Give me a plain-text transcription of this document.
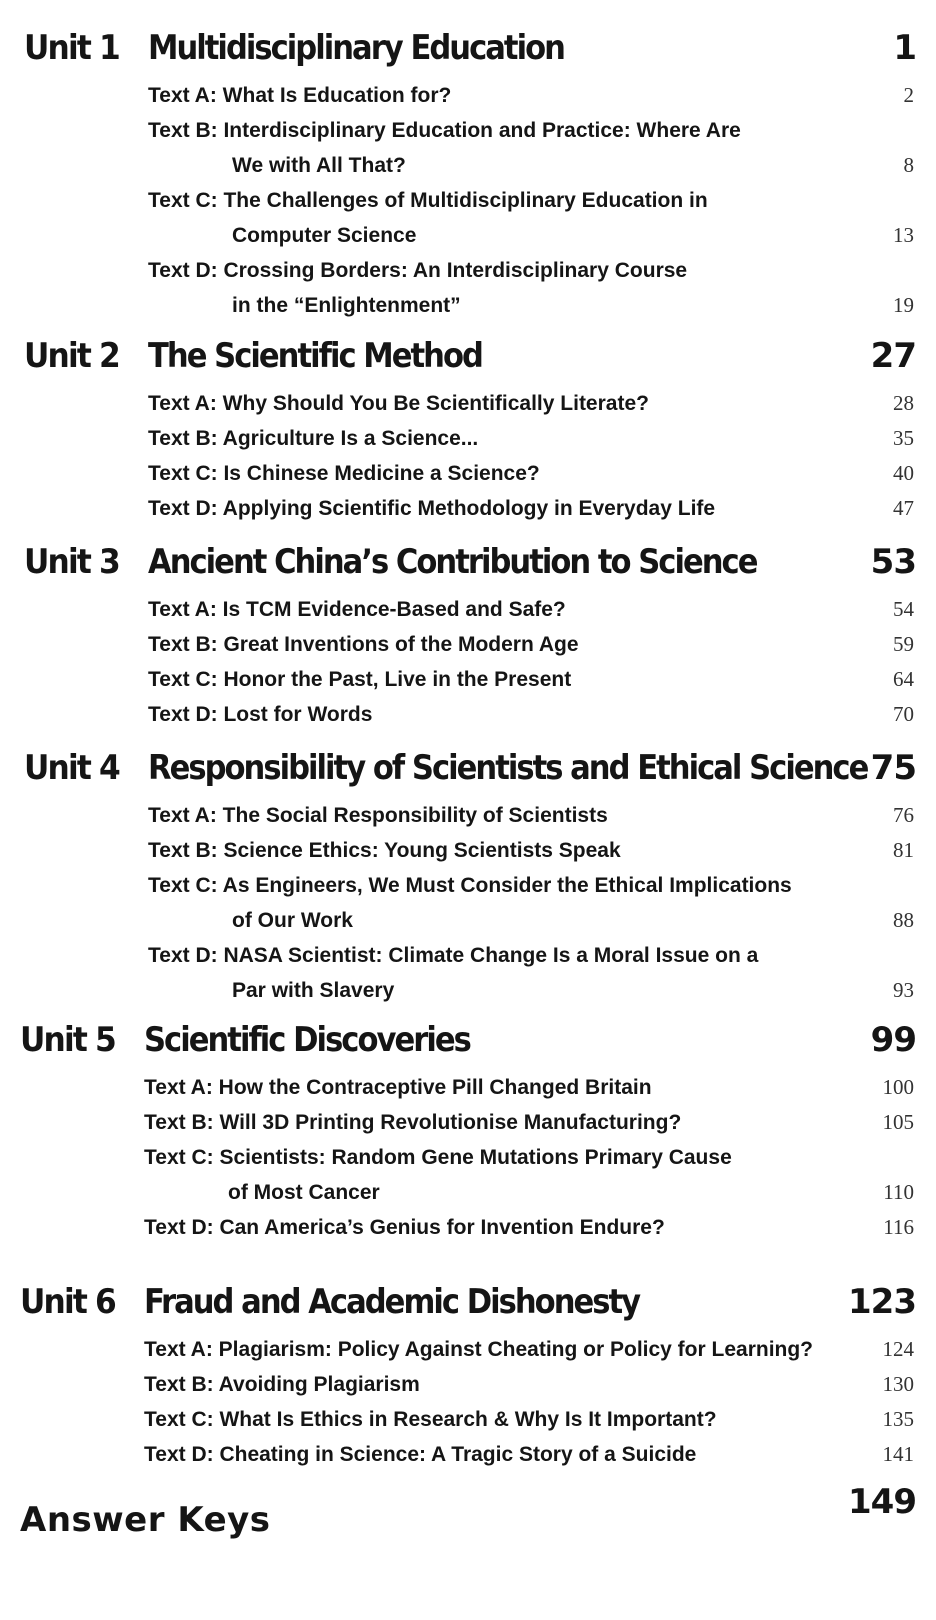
Unit 1 Multidisciplinary Education	1
Text A: What Is Education for?	2
Text B: Interdisciplinary Education and Practice: Where Are
We with All That?	8
Text C: The Challenges of Multidisciplinary Education in
Computer Science	13
Text D: Crossing Borders: An Interdisciplinary Course
in the “Enlightenment”	19
Unit 2 The Scientific Method	27
Text A: Why Should You Be Scientifically Literate?	28
Text B: Agriculture Is a Science...	35
Text C: Is Chinese Medicine a Science?	40
Text D: Applying Scientific Methodology in Everyday Life	47
Unit 3 Ancient China’s Contribution to Science	53
Text A: Is TCM Evidence-Based and Safe?	54
Text B: Great Inventions of the Modern Age	59
Text C: Honor the Past, Live in the Present	64
Text D: Lost for Words	70
Unit 4 Responsibility of Scientists and Ethical Science 75
Text A: The Social Responsibility of Scientists	76
Text B: Science Ethics: Young Scientists Speak	81
Text C: As Engineers, We Must Consider the Ethical Implications
of Our Work	88
Text D: NASA Scientist: Climate Change Is a Moral Issue on a
Par with Slavery	93
Unit 5 Scientific Discoveries	99
Text A: How the Contraceptive Pill Changed Britain	100
Text B: Will 3D Printing Revolutionise Manufacturing?	105
Text C: Scientists: Random Gene Mutations Primary Cause
of Most Cancer	110
Text D: Can America’s Genius for Invention Endure?	116
Unit 6 Fraud and Academic Dishonesty	123
Text A: Plagiarism: Policy Against Cheating or Policy for Learning?	124
Text B: Avoiding Plagiarism	130
Text C: What Is Ethics in Research & Why Is It Important?	135
Text D: Cheating in Science: A Tragic Story of a Suicide	141
Answer Keys	149
